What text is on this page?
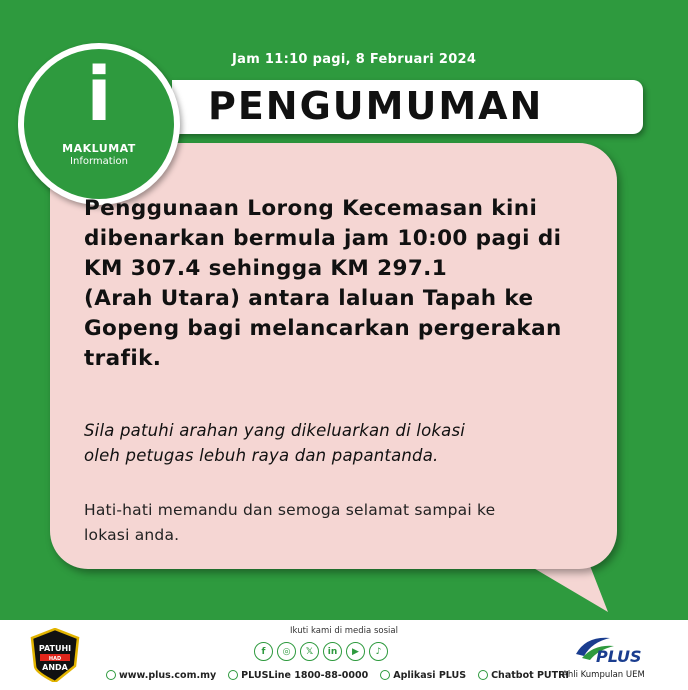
Jam 11:10 pagi, 8 Februari 2024
PENGUMUMAN
i
MAKLUMAT
Information
Penggunaan Lorong Kecemasan kini
dibenarkan bermula jam 10:00 pagi di
KM 307.4 sehingga KM 297.1
(Arah Utara) antara laluan Tapah ke
Gopeng bagi melancarkan pergerakan
trafik.
Sila patuhi arahan yang dikeluarkan di lokasi
oleh petugas lebuh raya dan papantanda.
Hati-hati memandu dan semoga selamat sampai ke
lokasi anda.
PATUHI
HAD
ANDA
Ikuti kami di media sosial
f	◎	𝕏	in	▶	♪
www.plus.com.my	PLUSLine 1800-88-0000	Aplikasi PLUS	Chatbot PUTRI
PLUS
Ahli Kumpulan UEM
